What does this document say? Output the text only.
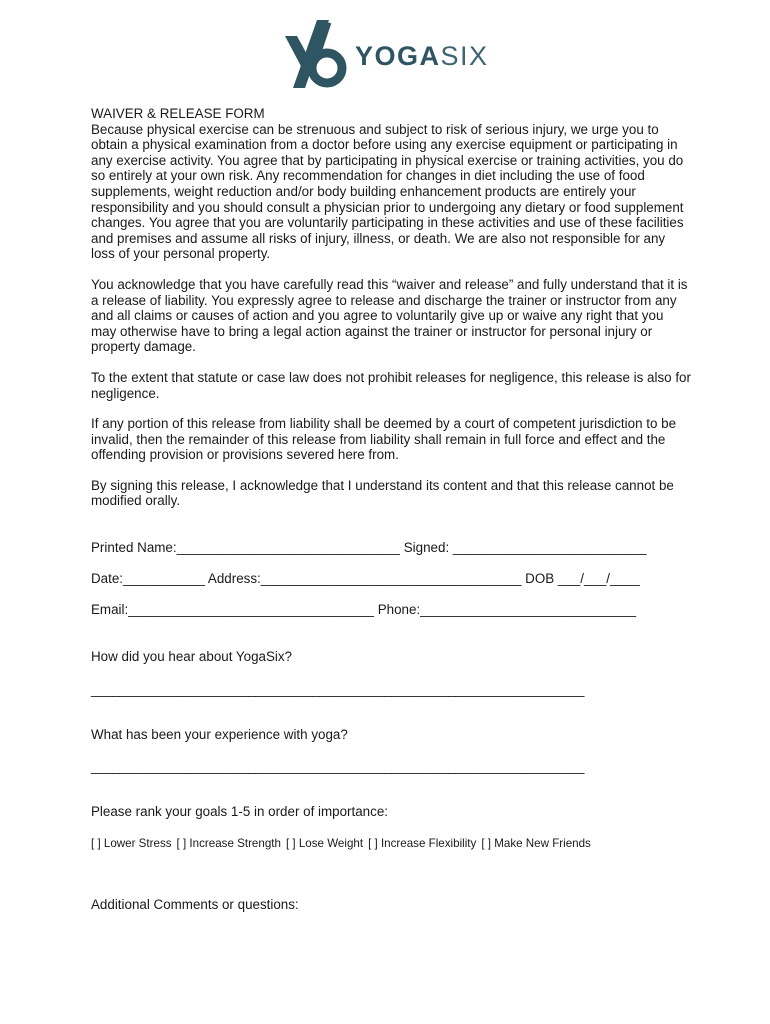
YOGASIX

WAIVER & RELEASE FORM

Because physical exercise can be strenuous and subject to risk of serious injury, we urge you to obtain a physical examination from a doctor before using any exercise equipment or participating in any exercise activity. You agree that by participating in physical exercise or training activities, you do so entirely at your own risk. Any recommendation for changes in diet including the use of food supplements, weight reduction and/or body building enhancement products are entirely your responsibility and you should consult a physician prior to undergoing any dietary or food supplement changes. You agree that you are voluntarily participating in these activities and use of these facilities and premises and assume all risks of injury, illness, or death. We are also not responsible for any loss of your personal property.

You acknowledge that you have carefully read this “waiver and release” and fully understand that it is a release of liability. You expressly agree to release and discharge the trainer or instructor from any and all claims or causes of action and you agree to voluntarily give up or waive any right that you may otherwise have to bring a legal action against the trainer or instructor for personal injury or property damage.

To the extent that statute or case law does not prohibit releases for negligence, this release is also for negligence.

If any portion of this release from liability shall be deemed by a court of competent jurisdiction to be invalid, then the remainder of this release from liability shall remain in full force and effect and the offending provision or provisions severed here from.

By signing this release, I acknowledge that I understand its content and that this release cannot be modified orally.

Printed Name:______________________________ Signed: __________________________
Date:___________ Address:___________________________________ DOB ___/___/____
Email:_________________________________ Phone:_____________________________
How did you hear about YogaSix?
_____________________________________________________________________
What has been your experience with yoga?
_____________________________________________________________________
Please rank your goals 1-5 in order of importance:
[ ] Lower Stress [ ] Increase Strength [ ] Lose Weight [ ] Increase Flexibility [ ] Make New Friends
Additional Comments or questions:
